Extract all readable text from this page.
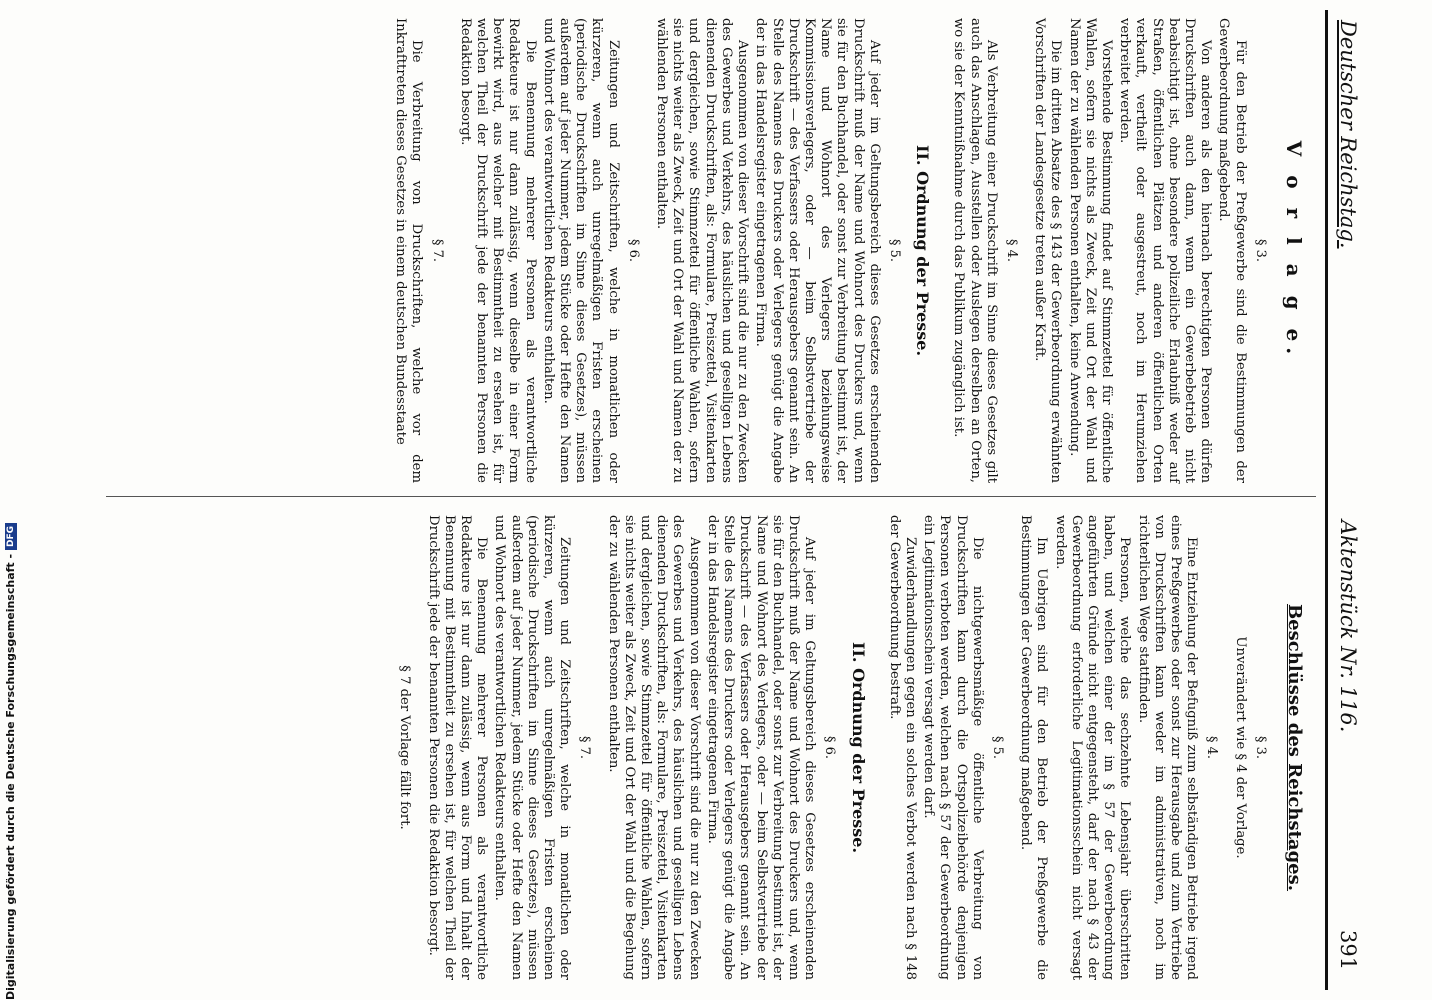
Deutscher Reichstag.
Aktenstück Nr. 116.
391
V o r l a g e.
§ 3.

Für den Betrieb der Preßgewerbe sind die Bestimmungen der Gewerbeordnung maßgebend.

Von anderen als den hiernach berechtigten Personen dürfen Druckschriften auch dann, wenn ein Gewerbebetrieb nicht beabsichtigt ist, ohne besondere polizeiliche Erlaubniß weder auf Straßen, öffentlichen Plätzen und anderen öffentlichen Orten verkauft, vertheilt oder ausgestreut, noch im Herumziehen verbreitet werden.

Vorstehende Bestimmung findet auf Stimmzettel für öffentliche Wahlen, sofern sie nichts als Zweck, Zeit und Ort der Wahl und Namen der zu wählenden Personen enthalten, keine Anwendung.

Die im dritten Absatze des § 143 der Gewerbeordnung erwähnten Vorschriften der Landesgesetze treten außer Kraft.

§ 4.

Als Verbreitung einer Druckschrift im Sinne dieses Gesetzes gilt auch das Anschlagen, Ausstellen oder Auslegen derselben an Orten, wo sie der Kenntnißnahme durch das Publikum zugänglich ist.

II. Ordnung der Presse.
§ 5.

Auf jeder im Geltungsbereich dieses Gesetzes erscheinenden Druckschrift muß der Name und Wohnort des Druckers und, wenn sie für den Buchhandel, oder sonst zur Verbreitung bestimmt ist, der Name und Wohnort des Verlegers beziehungsweise Kommissionsverlegers, oder — beim Selbstvertriebe der Druckschrift — des Verfassers oder Herausgebers genannt sein. An Stelle des Namens des Druckers oder Verlegers genügt die Angabe der in das Handelsregister eingetragenen Firma.

Ausgenommen von dieser Vorschrift sind die nur zu den Zwecken des Gewerbes und Verkehrs, des häuslichen und geselligen Lebens dienenden Druckschriften, als: Formulare, Preiszettel, Visitenkarten und dergleichen, sowie Stimmzettel für öffentliche Wahlen, sofern sie nichts weiter als Zweck, Zeit und Ort der Wahl und Namen der zu wählenden Personen enthalten.

§ 6.

Zeitungen und Zeitschriften, welche in monatlichen oder kürzeren, wenn auch unregelmäßigen Fristen erscheinen (periodische Druckschriften im Sinne dieses Gesetzes), müssen außerdem auf jeder Nummer, jedem Stücke oder Hefte den Namen und Wohnort des verantwortlichen Redakteurs enthalten.

Die Benennung mehrerer Personen als verantwortliche Redakteure ist nur dann zulässig, wenn dieselbe in einer Form bewirkt wird, aus welcher mit Bestimmtheit zu ersehen ist, für welchen Theil der Druckschrift jede der benannten Personen die Redaktion besorgt.

§ 7.

Die Verbreitung von Druckschriften, welche vor dem Inkrafttreten dieses Gesetzes in einem deutschen Bundesstaate

Beschlüsse des Reichstages.
§ 3.

Unverändert wie § 4 der Vorlage.

§ 4.

Eine Entziehung der Befugniß zum selbständigen Betriebe irgend eines Preßgewerbes oder sonst zur Herausgabe und zum Vertriebe von Druckschriften kann weder im administrativen, noch im richterlichen Wege stattfinden.

Personen, welche das sechzehnte Lebensjahr überschritten haben, und welchen einer der im § 57 der Gewerbeordnung angeführten Gründe nicht entgegensteht, darf der nach § 43 der Gewerbeordnung erforderliche Legitimationsschein nicht versagt werden.

Im Uebrigen sind für den Betrieb der Preßgewerbe die Bestimmungen der Gewerbeordnung maßgebend.

§ 5.

Die nichtgewerbsmäßige öffentliche Verbreitung von Druckschriften kann durch die Ortspolizeibehörde denjenigen Personen verboten werden, welchen nach § 57 der Gewerbeordnung ein Legitimationsschein versagt werden darf.

Zuwiderhandlungen gegen ein solches Verbot werden nach § 148 der Gewerbeordnung bestraft.

II. Ordnung der Presse.
§ 6.

Auf jeder im Geltungsbereich dieses Gesetzes erscheinenden Druckschrift muß der Name und Wohnort des Druckers und, wenn sie für den Buchhandel, oder sonst zur Verbreitung bestimmt ist, der Name und Wohnort des Verlegers, oder — beim Selbstvertriebe der Druckschrift — des Verfassers oder Herausgebers genannt sein. An Stelle des Namens des Druckers oder Verlegers genügt die Angabe der in das Handelsregister eingetragenen Firma.

Ausgenommen von dieser Vorschrift sind die nur zu den Zwecken des Gewerbes und Verkehrs, des häuslichen und geselligen Lebens dienenden Druckschriften, als: Formulare, Preiszettel, Visitenkarten und dergleichen, sowie Stimmzettel für öffentliche Wahlen, sofern sie nichts weiter als Zweck, Zeit und Ort der Wahl und die Begehung der zu wählenden Personen enthalten.

§ 7.

Zeitungen und Zeitschriften, welche in monatlichen oder kürzeren, wenn auch unregelmäßigen Fristen erscheinen (periodische Druckschriften im Sinne dieses Gesetzes), müssen außerdem auf jeder Nummer, jedem Stücke oder Hefte den Namen und Wohnort des verantwortlichen Redakteurs enthalten.

Die Benennung mehrerer Personen als verantwortliche Redakteure ist nur dann zulässig, wenn aus Form und Inhalt der Benennung mit Bestimmtheit zu ersehen ist, für welchen Theil der Druckschrift jede der benannten Personen die Redaktion besorgt.

§ 7 der Vorlage fällt fort.

Digitalisierung gefördert durch die Deutsche Forschungsgemeinschaft -DFG
